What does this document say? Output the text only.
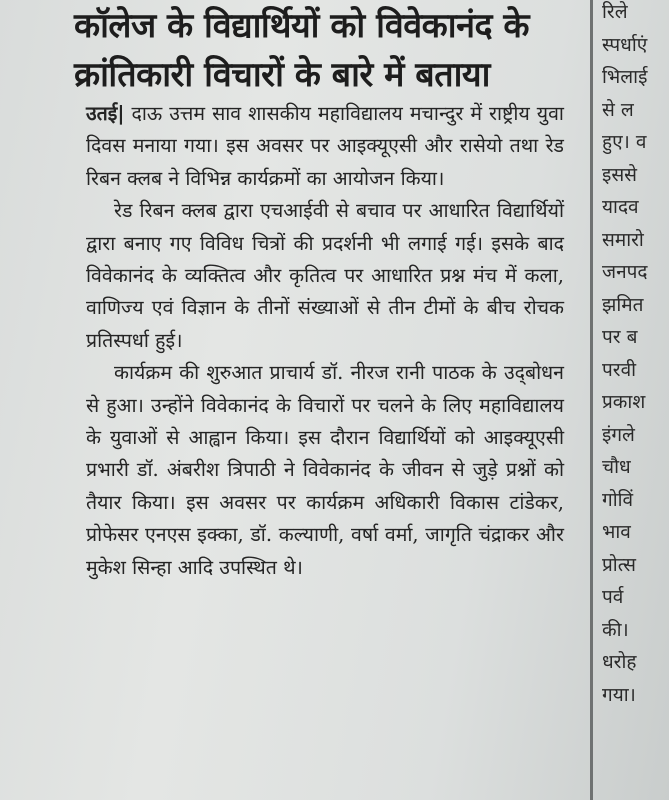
कॉलेज के विद्यार्थियों को विवेकानंद के
क्रांतिकारी विचारों के बारे में बताया

उतई| दाऊ उत्तम साव शासकीय महाविद्यालय मचान्दुर में राष्ट्रीय युवा दिवस मनाया गया। इस अवसर पर आइक्यूएसी और रासेयो तथा रेड रिबन क्लब ने विभिन्न कार्यक्रमों का आयोजन किया।

रेड रिबन क्लब द्वारा एचआईवी से बचाव पर आधारित विद्यार्थियों द्वारा बनाए गए विविध चित्रों की प्रदर्शनी भी लगाई गई। इसके बाद विवेकानंद के व्यक्तित्व और कृतित्व पर आधारित प्रश्न मंच में कला, वाणिज्य एवं विज्ञान के तीनों संख्याओं से तीन टीमों के बीच रोचक प्रतिस्पर्धा हुई।

कार्यक्रम की शुरुआत प्राचार्य डॉ. नीरज रानी पाठक के उद्‌बोधन से हुआ। उन्होंने विवेकानंद के विचारों पर चलने के लिए महाविद्यालय के युवाओं से आह्वान किया। इस दौरान विद्यार्थियों को आइक्यूएसी प्रभारी डॉ. अंबरीश त्रिपाठी ने विवेकानंद के जीवन से जुड़े प्रश्नों को तैयार किया। इस अवसर पर कार्यक्रम अधिकारी विकास टांडेकर, प्रोफेसर एनएस इक्का, डॉ. कल्याणी, वर्षा वर्मा, जागृति चंद्राकर और मुकेश सिन्हा आदि उपस्थित थे।

रिले
स्पर्धाएं
भिलाई
से ल
हुए। व
इससे
यादव
समारो
जनपद
झमित
पर ब
परवी
प्रकाश
इंगले
चौध
गोविं
भाव
प्रोत्स
पर्व
की।
धरोह
गया।
